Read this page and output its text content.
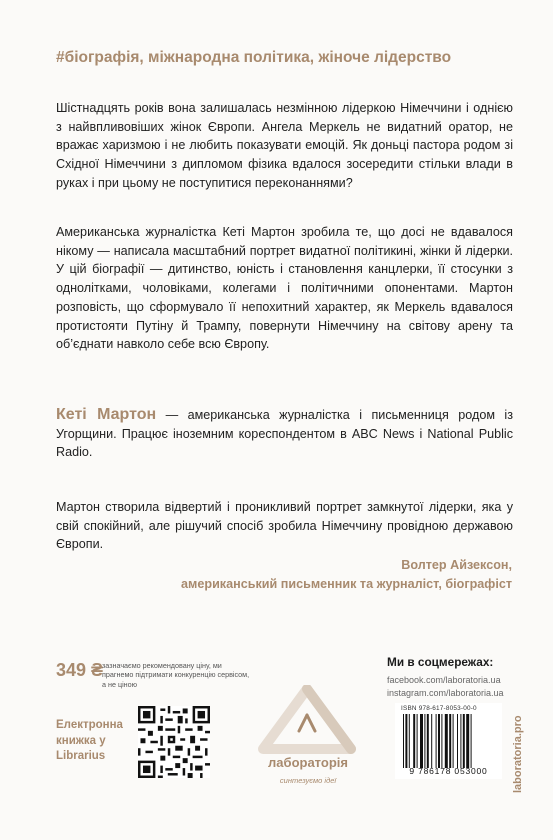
#біографія, міжнародна політика, жіноче лідерство
Шістнадцять років вона залишалась незмінною лідеркою Німеччини і однією з найвпливовіших жінок Європи. Ангела Меркель не видатний оратор, не вражає харизмою і не любить показувати емоцій. Як доньці пастора родом зі Східної Німеччини з дипломом фізика вдалося зосередити стільки влади в руках і при цьому не поступитися переконаннями?
Американська журналістка Кеті Мартон зробила те, що досі не вдавалося нікому — написала масштабний портрет видатної політикині, жінки й лідерки. У цій біографії — дитинство, юність і становлення канцлерки, її стосунки з однолітками, чоловіками, колегами і політичними опонентами. Мартон розповість, що сформувало її непохитний характер, як Меркель вдавалося протистояти Путіну й Трампу, повернути Німеччину на світову арену та об’єднати навколо себе всю Європу.
Кеті Мартон — американська журналістка і письменниця родом із Угорщини. Працює іноземним кореспондентом в ABC News і National Public Radio.
Мартон створила відвертий і проникливий портрет замкнутої лідерки, яка у свій спокійний, але рішучий спосіб зробила Німеччину провідною державою Європи.
Волтер Айзексон,
американський письменник та журналіст, біографіст
349 ₴
зазначаємо рекомендовану ціну, ми прагнемо підтримати конкуренцію сервісом, а не ціною
Електронна книжка у Librarius	лабораторія
синтезуємо ідеї
Ми в соцмережах:
facebook.com/laboratoria.ua
instagram.com/laboratoria.ua
ISBN 978-617-8053-00-0
9 786178 053000	laboratoria.pro
